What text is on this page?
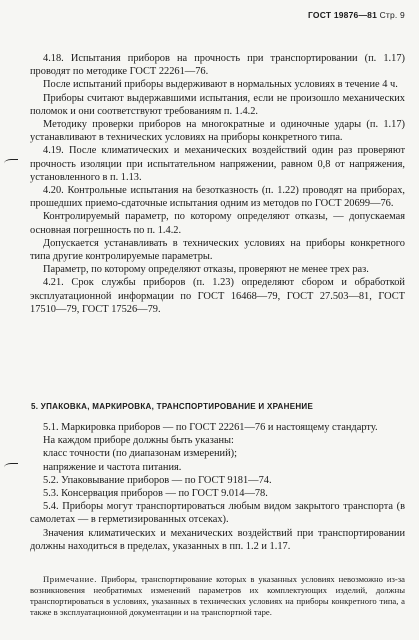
ГОСТ 19876—81 Стр. 9

4.18. Испытания приборов на прочность при транспортировании (п. 1.17) проводят по методике ГОСТ 22261—76.

После испытаний приборы выдерживают в нормальных условиях в течение 4 ч.

Приборы считают выдержавшими испытания, если не произошло механических поломок и они соответствуют требованиям п. 1.4.2.

Методику проверки приборов на многократные и одиночные удары (п. 1.17) устанавливают в технических условиях на приборы конкретного типа.

4.19. После климатических и механических воздействий один раз проверяют прочность изоляции при испытательном напряжении, равном 0,8 от напряжения, установленного в п. 1.13.

4.20. Контрольные испытания на безотказность (п. 1.22) проводят на приборах, прошедших приемо-сдаточные испытания одним из методов по ГОСТ 20699—76.

Контролируемый параметр, по которому определяют отказы, — допускаемая основная погрешность по п. 1.4.2.

Допускается устанавливать в технических условиях на приборы конкретного типа другие контролируемые параметры.

Параметр, по которому определяют отказы, проверяют не менее трех раз.

4.21. Срок службы приборов (п. 1.23) определяют сбором и обработкой эксплуатационной информации по ГОСТ 16468—79, ГОСТ 27.503—81, ГОСТ 17510—79, ГОСТ 17526—79.

5. УПАКОВКА, МАРКИРОВКА, ТРАНСПОРТИРОВАНИЕ И ХРАНЕНИЕ

5.1. Маркировка приборов — по ГОСТ 22261—76 и настоящему стандарту.

На каждом приборе должны быть указаны:

класс точности (по диапазонам измерений);

напряжение и частота питания.

5.2. Упаковывание приборов — по ГОСТ 9181—74.

5.3. Консервация приборов — по ГОСТ 9.014—78.

5.4. Приборы могут транспортироваться любым видом закрытого транспорта (в самолетах — в герметизированных отсеках).

Значения климатических и механических воздействий при транспортировании должны находиться в пределах, указанных в пп. 1.2 и 1.17.

Примечание. Приборы, транспортирование которых в указанных условиях невозможно из-за возникновения необратимых изменений параметров их комплектующих изделий, должны транспортироваться в условиях, указанных в технических условиях на приборы конкретного типа, а также в эксплуатационной документации и на транспортной таре.
